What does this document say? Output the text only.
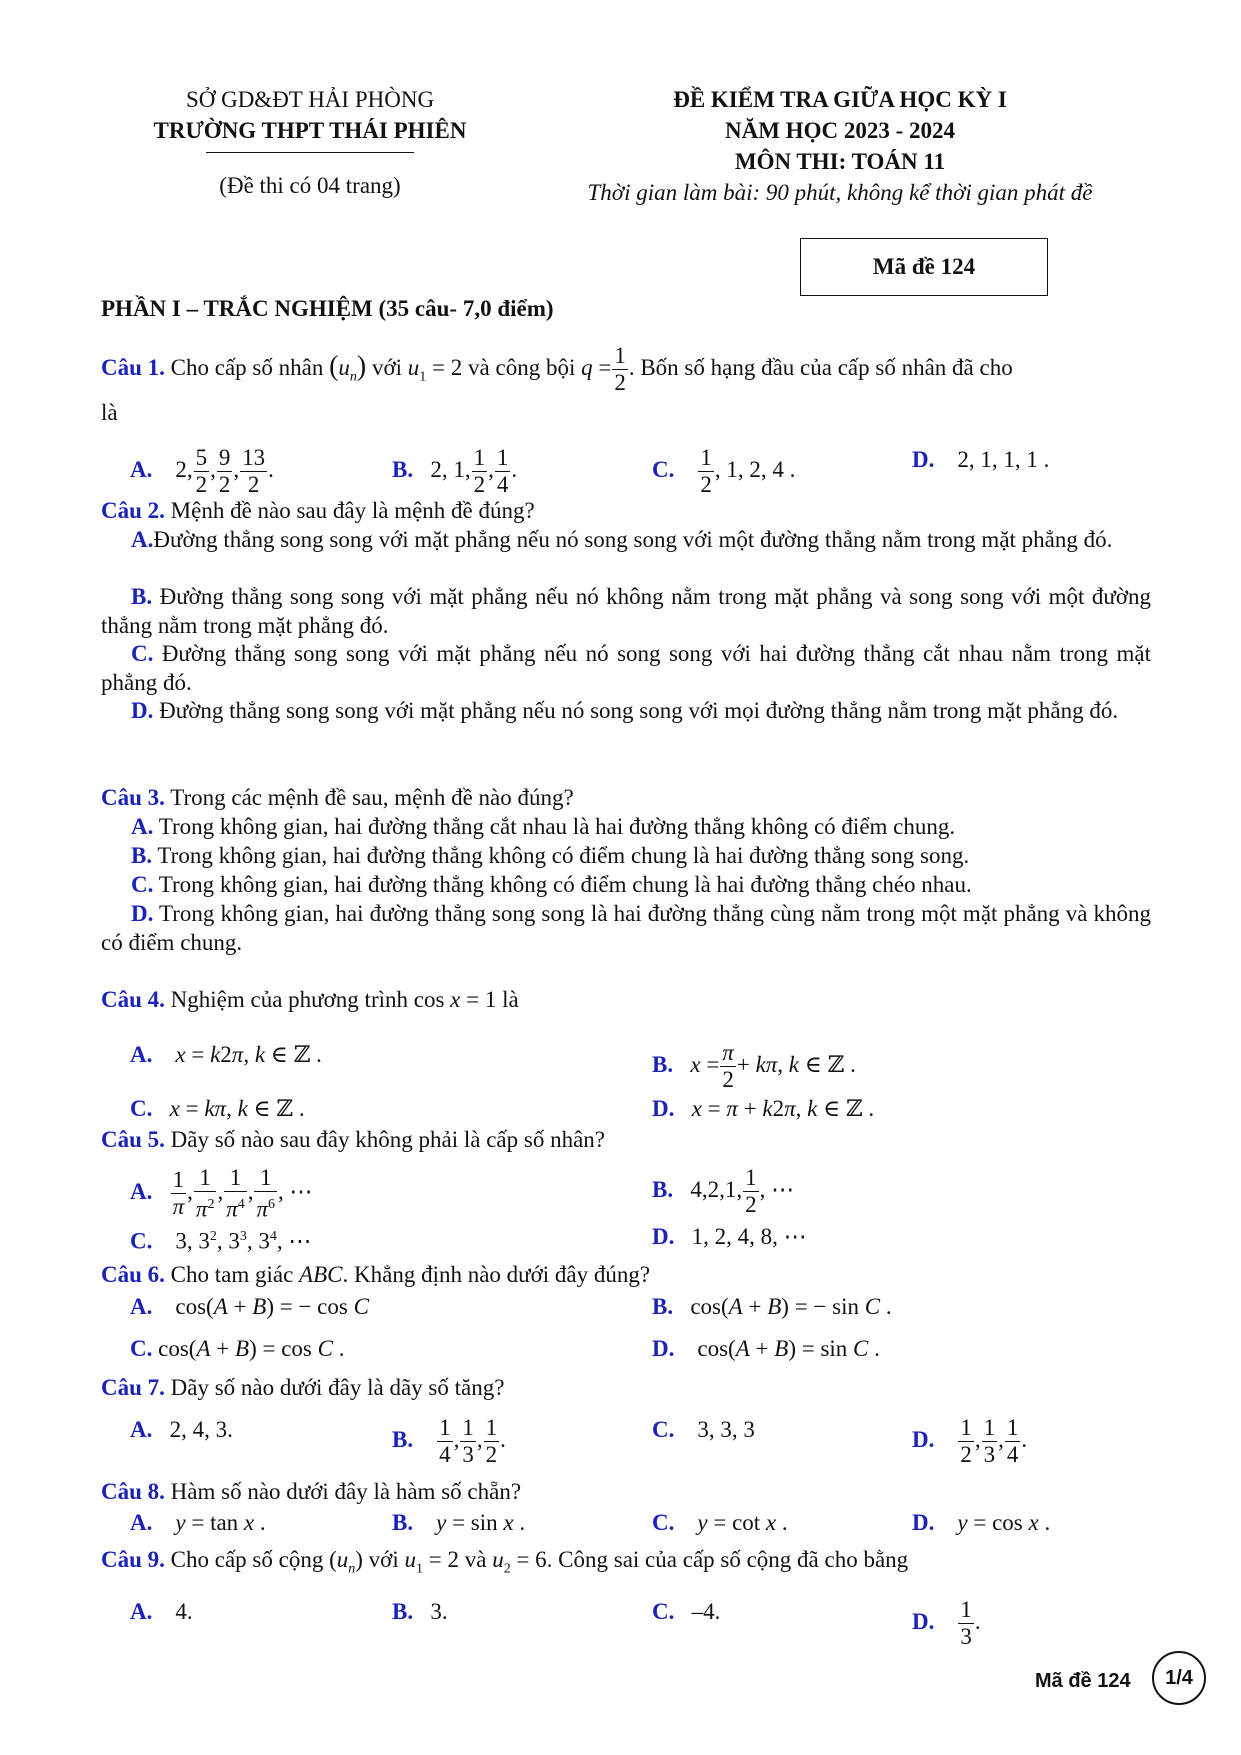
SỞ GD&ĐT HẢI PHÒNG
TRƯỜNG THPT THÁI PHIÊN
(Đề thi có 04 trang)
ĐỀ KIỂM TRA GIỮA HỌC KỲ I
NĂM HỌC 2023 - 2024
MÔN THI: TOÁN 11
Thời gian làm bài: 90 phút, không kể thời gian phát đề
Mã đề 124
PHẦN I – TRẮC NGHIỆM (35 câu- 7,0 điểm)
Câu 1. Cho cấp số nhân $(u_n)$ với $u_1 = 2$ và công bội $q = \frac{1}{2}$ . Bốn số hạng đầu của cấp số nhân đã cho
là
A.    2, $\frac{5}{2}$ , $\frac{9}{2}$ , $\frac{13}{2}$ .	B.   2, 1, $\frac{1}{2}$ , $\frac{1}{4}$ .	C. $\frac{1}{2}$ , 1, 2, 4 .	D.    2, 1, 1, 1 .
Câu 2. Mệnh đề nào sau đây là mệnh đề đúng?
A.Đường thẳng song song với mặt phẳng nếu nó song song với một đường thẳng nằm trong mặt phẳng đó.
B. Đường thẳng song song với mặt phẳng nếu nó không nằm trong mặt phẳng và song song với một đường thẳng nằm trong mặt phẳng đó.
C. Đường thẳng song song với mặt phẳng nếu nó song song với hai đường thẳng cắt nhau nằm trong mặt phẳng đó.
D. Đường thẳng song song với mặt phẳng nếu nó song song với mọi đường thẳng nằm trong mặt phẳng đó.
Câu 3. Trong các mệnh đề sau, mệnh đề nào đúng?
A. Trong không gian, hai đường thẳng cắt nhau là hai đường thẳng không có điểm chung.
B. Trong không gian, hai đường thẳng không có điểm chung là hai đường thẳng song song.
C. Trong không gian, hai đường thẳng không có điểm chung là hai đường thẳng chéo nhau.
D. Trong không gian, hai đường thẳng song song là hai đường thẳng cùng nằm trong một mặt phẳng và không có điểm chung.
Câu 4. Nghiệm của phương trình cos x = 1 là
A. x = k2π, k ∈ ℤ .	B. $x = \frac{\pi}{2} + k\pi$, k ∈ ℤ .
C. x = kπ, k ∈ ℤ .	D. x = π + k2π, k ∈ ℤ .
Câu 5. Dãy số nào sau đây không phải là cấp số nhân?
A. $\frac{1}{\pi}$ , $\frac{1}{\pi^2}$ , $\frac{1}{\pi^4}$ , $\frac{1}{\pi^6}$ , ⋯	B.   4,2,1, $\frac{1}{2}$ , ⋯
C.    3, $3^2$, $3^3$, $3^4$, ⋯	D.   1, 2, 4, 8, ⋯
Câu 6. Cho tam giác ABC. Khẳng định nào dưới đây đúng?
A.    cos(A + B) = − cos C	B.   cos(A + B) = − sin C .
C. cos(A + B) = cos C .	D.    cos(A + B) = sin C .
Câu 7. Dãy số nào dưới đây là dãy số tăng?
A.   2, 4, 3.	B. $\frac{1}{4}$ , $\frac{1}{3}$ , $\frac{1}{2}$ .	C.    3, 3, 3	D. $\frac{1}{2}$ , $\frac{1}{3}$ , $\frac{1}{4}$ .
Câu 8. Hàm số nào dưới đây là hàm số chẵn?
A. y = tan x .	B. y = sin x .	C. y = cot x .	D. y = cos x .
Câu 9. Cho cấp số cộng $(u_n)$ với $u_1 = 2$ và $u_2 = 6$. Công sai của cấp số cộng đã cho bằng
A. 4.	B. 3.	C. –4.	D. $\frac{1}{3}$ .
Mã đề 124	1/4
